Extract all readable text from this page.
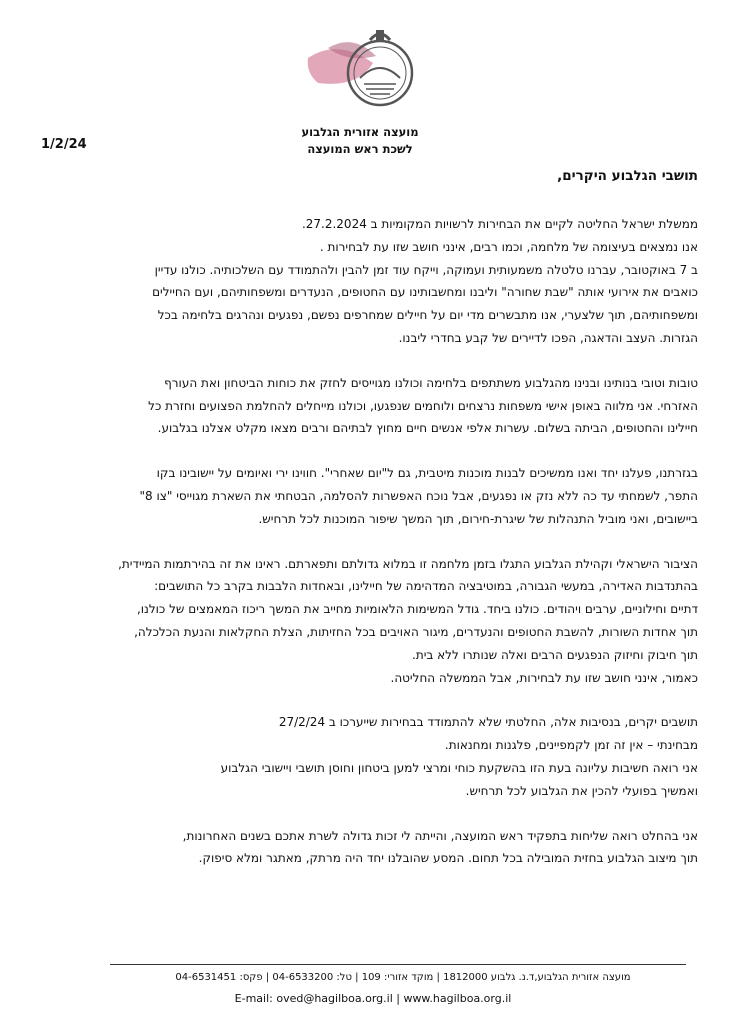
מועצה אזורית הגלבוע
לשכת ראש המועצה
1/2/24
תושבי הגלבוע היקרים,

ממשלת ישראל החליטה לקיים את הבחירות לרשויות המקומיות ב 27.2.2024.

אנו נמצאים בעיצומה של מלחמה, וכמו רבים, אינני חושב שזו עת לבחירות .

ב 7 באוקטובר, עברנו טלטלה משמעותית ועמוקה, וייקח עוד זמן להבין ולהתמודד עם השלכותיה. כולנו עדיין

כואבים את אירועי אותה "שבת שחורה" וליבנו ומחשבותינו עם החטופים, הנעדרים ומשפחותיהם, ועם החיילים

ומשפחותיהם, תוך שלצערי, אנו מתבשרים מדי יום על חיילים שמחרפים נפשם, נפגעים ונהרגים בלחימה בכל

הגזרות. העצב והדאגה, הפכו לדיירים של קבע בחדרי ליבנו.

טובות וטובי בנותינו ובנינו מהגלבוע משתתפים בלחימה וכולנו מגוייסים לחזק את כוחות הביטחון ואת העורף

האזרחי. אני מלווה באופן אישי משפחות נרצחים ולוחמים שנפגעו, וכולנו מייחלים להחלמת הפצועים וחזרת כל

חיילינו והחטופים, הביתה בשלום. עשרות אלפי אנשים חיים מחוץ לבתיהם ורבים מצאו מקלט אצלנו בגלבוע.

בגזרתנו, פעלנו יחד ואנו ממשיכים לבנות מוכנות מיטבית, גם ל"יום שאחרי". חווינו ירי ואיומים על יישובינו בקו

התפר, לשמחתי עד כה ללא נזק או נפגעים, אבל נוכח האפשרות להסלמה, הבטחתי את השארת מגוייסי "צו 8"

ביישובים, ואני מוביל התנהלות של שיגרת-חירום, תוך המשך שיפור המוכנות לכל תרחיש.

הציבור הישראלי וקהילת הגלבוע התגלו בזמן מלחמה זו במלוא גדולתם ותפארתם. ראינו את זה בהירתמות המיידית,

בהתנדבות האדירה, במעשי הגבורה, במוטיבציה המדהימה של חיילינו, ובאחדות הלבבות בקרב כל התושבים:

דתיים וחילוניים, ערבים ויהודים. כולנו ביחד. גודל המשימות הלאומיות מחייב את המשך ריכוז המאמצים של כולנו,

תוך אחדות השורות, להשבת החטופים והנעדרים, מיגור האויבים בכל החזיתות, הצלת החקלאות והנעת הכלכלה,

תוך חיבוק וחיזוק הנפגעים הרבים ואלה שנותרו ללא בית.

כאמור, אינני חושב שזו עת לבחירות, אבל הממשלה החליטה.

תושבים יקרים, בנסיבות אלה, החלטתי שלא להתמודד בבחירות שייערכו ב 27/2/24

מבחינתי – אין זה זמן לקמפיינים, פלגנות ומחנאות.

אני רואה חשיבות עליונה בעת הזו בהשקעת כוחי ומרצי למען ביטחון וחוסן תושבי ויישובי הגלבוע

ואמשיך בפועלי להכין את הגלבוע לכל תרחיש.

אני בהחלט רואה שליחות בתפקיד ראש המועצה, והייתה לי זכות גדולה לשרת אתכם בשנים האחרונות,

תוך מיצוב הגלבוע בחזית המובילה בכל תחום. המסע שהובלנו יחד היה מרתק, מאתגר ומלא סיפוק.

מועצה אזורית הגלבוע,ד.נ. גלבוע 1812000 | מוקד אזורי: 109 | טל: 04-6533200 | פקס: 04-6531451
E-mail: oved@hagilboa.org.il | www.hagilboa.org.il
